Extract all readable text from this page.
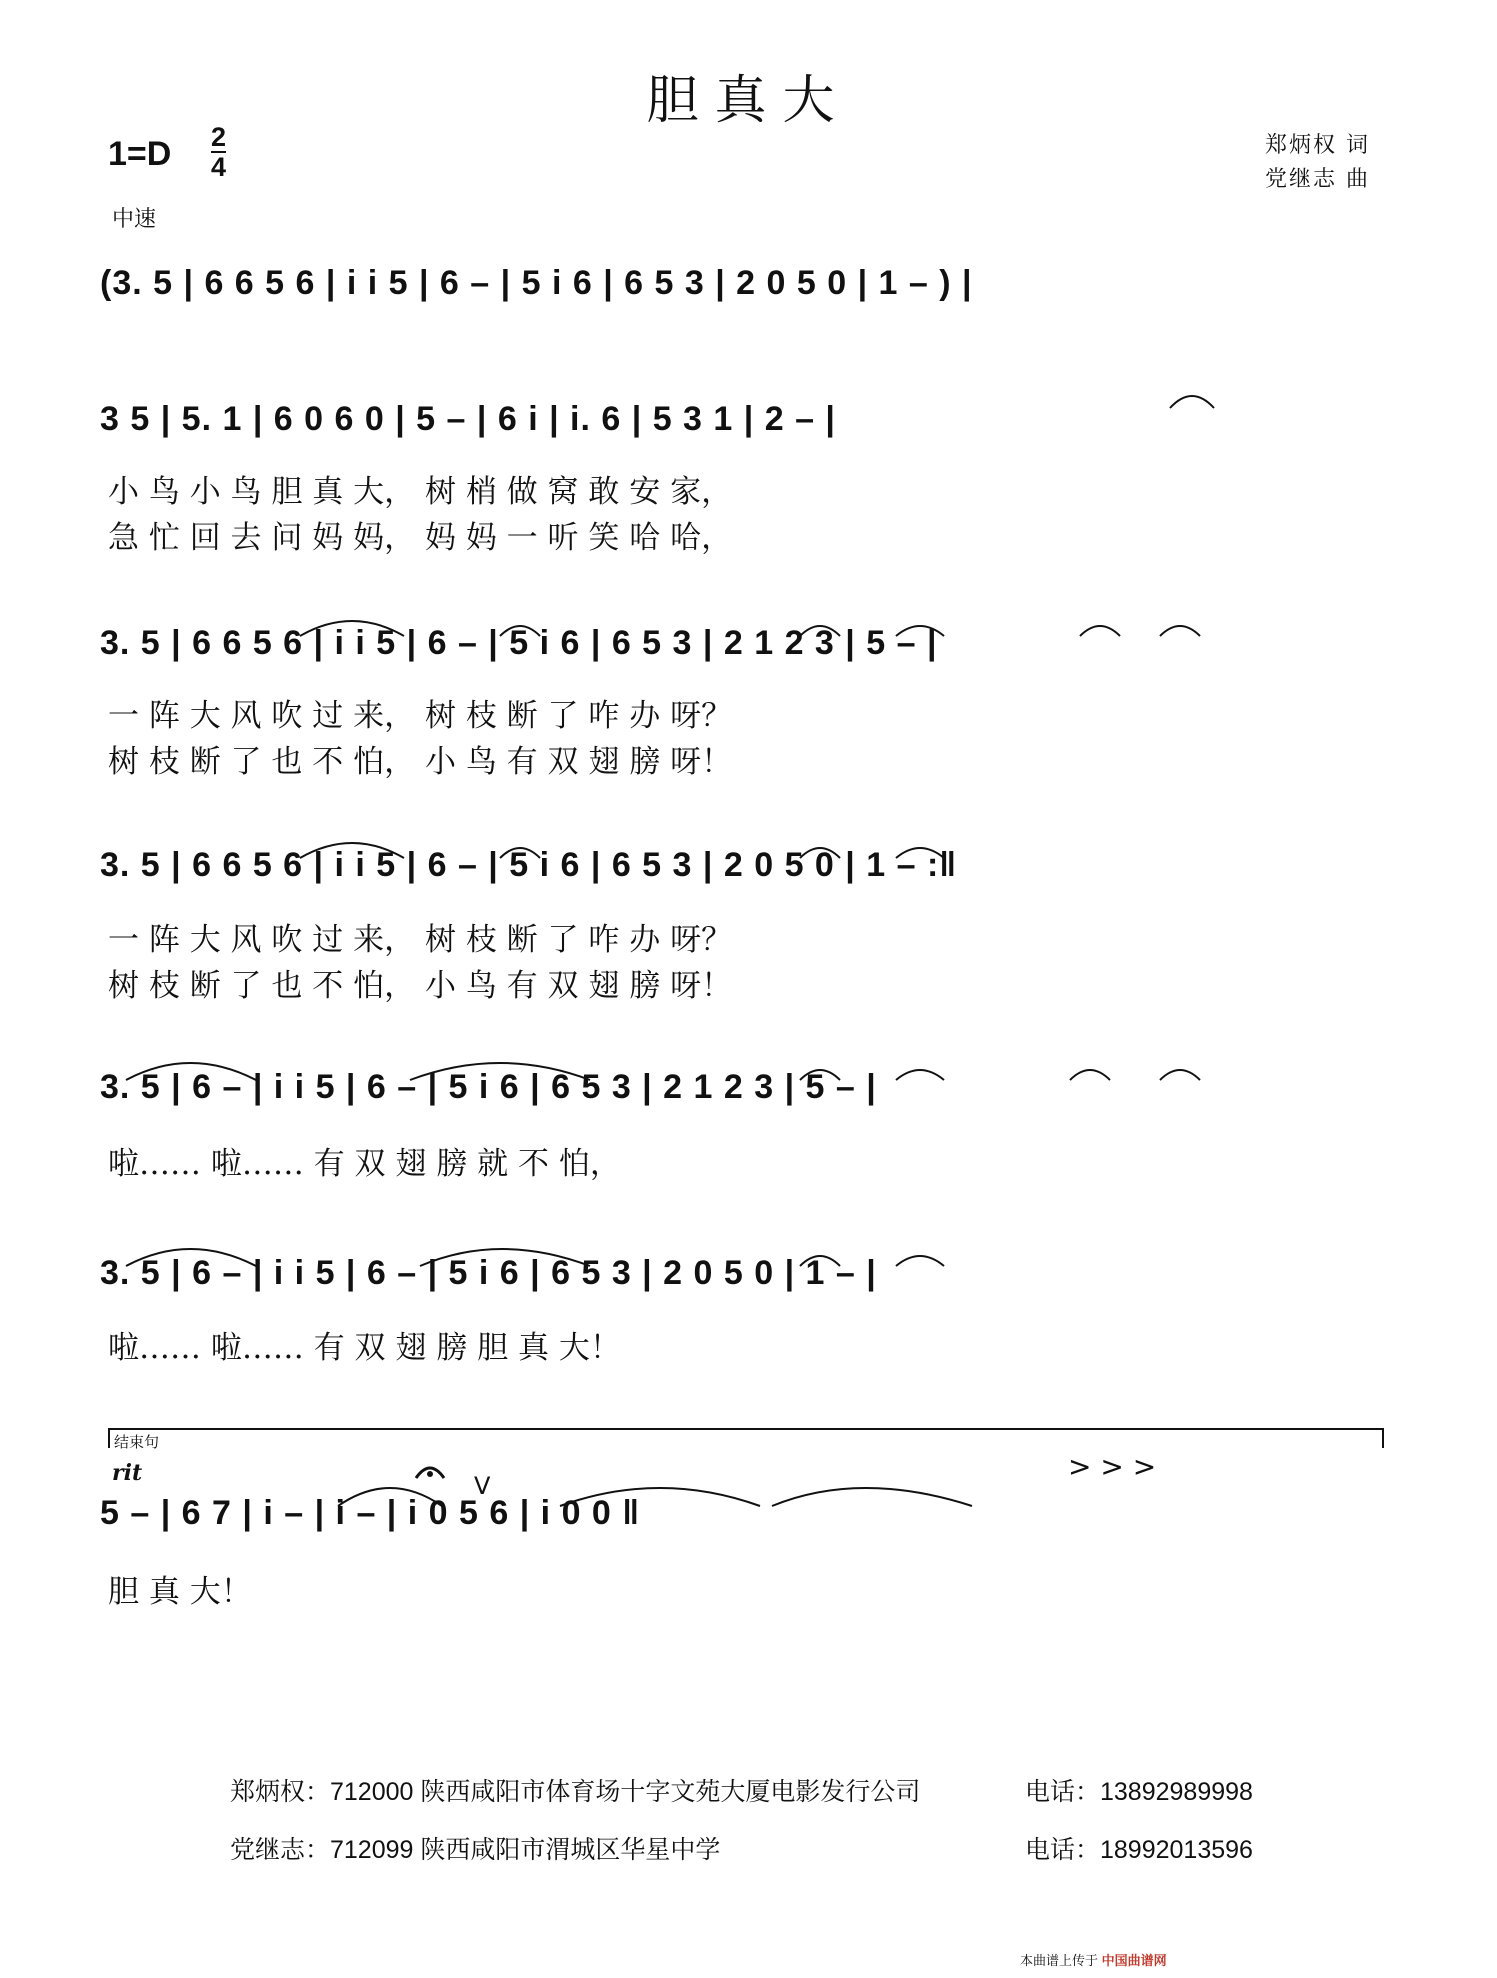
胆真大
1=D 2
4
中速
郑炳权 词
党继志 曲
(3. 5 | 6 6 5 6 | i i 5 | 6 – | 5 i 6 | 6 5 3 | 2 0 5 0 | 1 – ) |
3 5 | 5. 1 | 6 0 6 0 | 5 – | 6 i | i. 6 | 5 3 1 | 2 – |
小 鸟 小 鸟 胆 真 大， 树 梢 做 窝 敢 安 家，
急 忙 回 去 问 妈 妈， 妈 妈 一 听 笑 哈 哈，
3. 5 | 6 6 5 6 | i i 5 | 6 – | 5 i 6 | 6 5 3 | 2 1 2 3 | 5 – |
一 阵 大 风 吹 过 来， 树 枝 断 了 咋 办 呀？
树 枝 断 了 也 不 怕， 小 鸟 有 双 翅 膀 呀！
3. 5 | 6 6 5 6 | i i 5 | 6 – | 5 i 6 | 6 5 3 | 2 0 5 0 | 1 – :‖
一 阵 大 风 吹 过 来， 树 枝 断 了 咋 办 呀？
树 枝 断 了 也 不 怕， 小 鸟 有 双 翅 膀 呀！
3. 5 | 6 – | i i 5 | 6 – | 5 i 6 | 6 5 3 | 2 1 2 3 | 5 – |
啦…… 啦…… 有 双 翅 膀 就 不 怕，
3. 5 | 6 – | i i 5 | 6 – | 5 i 6 | 6 5 3 | 2 0 5 0 | 1 – |
啦…… 啦…… 有 双 翅 膀 胆 真 大！
结束句
rit	> > >
V
5 – | 6 7 | i – | i – | i 0 5 6 | i 0 0 ‖
胆 真 大！
郑炳权：712000 陕西咸阳市体育场十字文苑大厦电影发行公司	电话：13892989998
党继志：712099 陕西咸阳市渭城区华星中学	电话：18992013596
本曲谱上传于 中国曲谱网
